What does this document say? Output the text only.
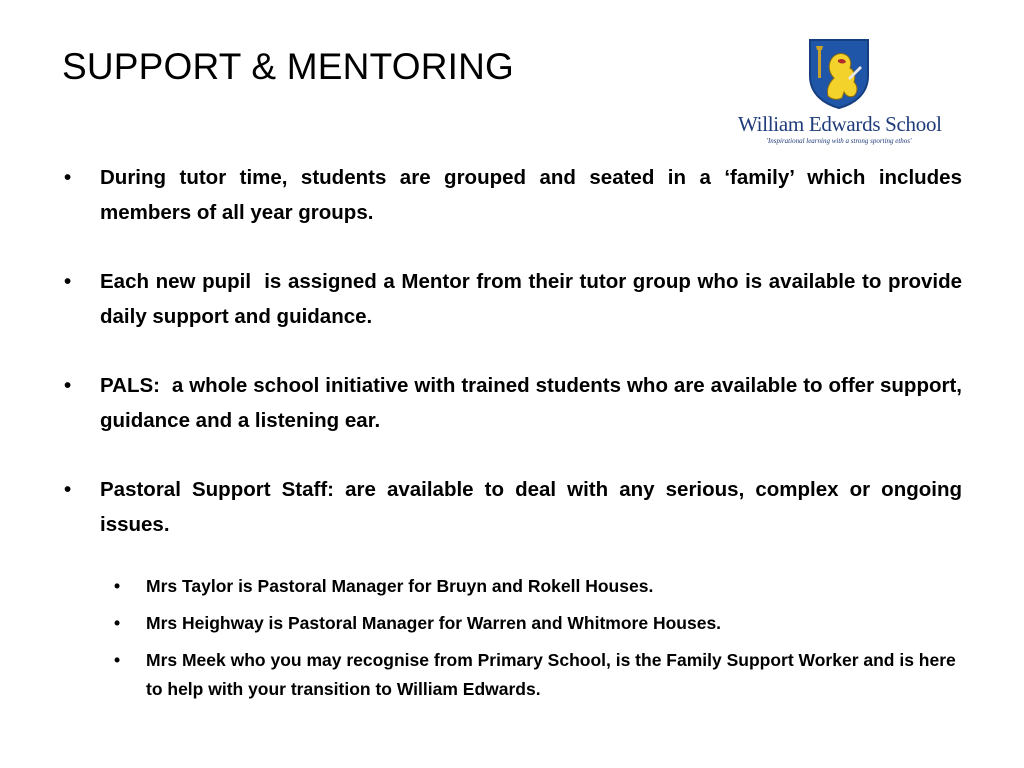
SUPPORT & MENTORING
William Edwards School
'Inspirational learning with a strong sporting ethos'
• During tutor time, students are grouped and seated in a ‘family’ which includes members of all year groups.
• Each new pupil  is assigned a Mentor from their tutor group who is available to provide daily support and guidance.
• PALS:  a whole school initiative with trained students who are available to offer support, guidance and a listening ear.
• Pastoral Support Staff: are available to deal with any serious, complex or ongoing issues.
• Mrs Taylor is Pastoral Manager for Bruyn and Rokell Houses.
• Mrs Heighway is Pastoral Manager for Warren and Whitmore Houses.
• Mrs Meek who you may recognise from Primary School, is the Family Support Worker and is here to help with your transition to William Edwards.
